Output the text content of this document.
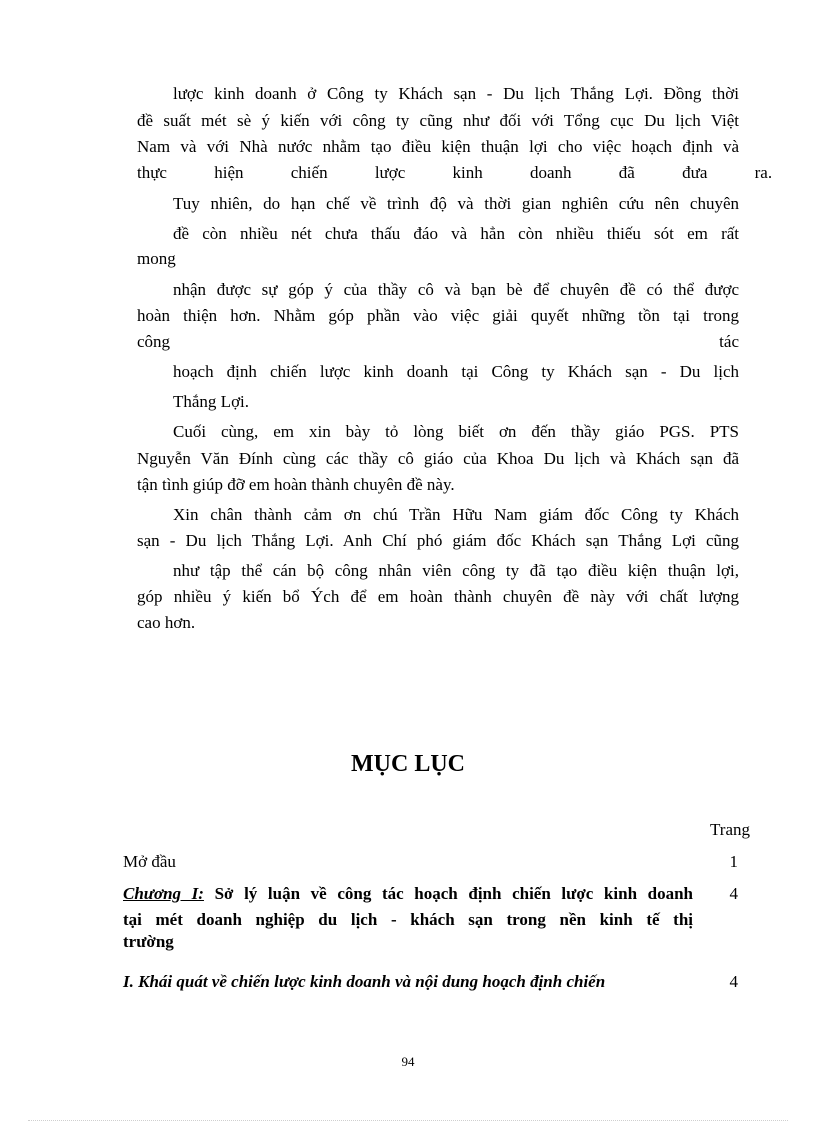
lược kinh doanh ở Công ty Khách sạn - Du lịch Thắng Lợi. Đồng thời
đề suất mét sè ý kiến với công ty cũng như đối với Tổng cục Du lịch Việt
Nam và với Nhà nước nhằm tạo điều kiện thuận lợi cho việc hoạch định và
thực hiện chiến lược kinh doanh đã đưa ra.
Tuy nhiên, do hạn chế về trình độ và thời gian nghiên cứu nên chuyên
đề còn nhiều nét chưa thấu đáo và hẳn còn nhiều thiếu sót em rất
mong
nhận được sự góp ý của thầy cô và bạn bè để chuyên đề có thể được
hoàn thiện hơn. Nhằm góp phần vào việc giải quyết những tồn tại trong
công tác
hoạch định chiến lược kinh doanh tại Công ty Khách sạn - Du lịch
Thắng Lợi.
Cuối cùng, em xin bày tỏ lòng biết ơn đến thầy giáo PGS. PTS
Nguyễn Văn Đính cùng các thầy cô giáo của Khoa Du lịch và Khách sạn đã
tận tình giúp đỡ em hoàn thành chuyên đề này.
Xin chân thành cảm ơn chú Trần Hữu Nam giám đốc Công ty Khách
sạn - Du lịch Thắng Lợi. Anh Chí phó giám đốc Khách sạn Thắng Lợi cũng
như tập thể cán bộ công nhân viên công ty đã tạo điều kiện thuận lợi,
góp nhiều ý kiến bổ Ých để em hoàn thành chuyên đề này với chất lượng
cao hơn.
MỤC LỤC
Trang
Mở đầu	1
Chương I: Sở lý luận về công tác hoạch định chiến lược kinh doanh
tại mét doanh nghiệp du lịch - khách sạn trong nền kinh tế thị
trường
4
I. Khái quát về chiến lược kinh doanh và nội dung hoạch định chiến	4
94
